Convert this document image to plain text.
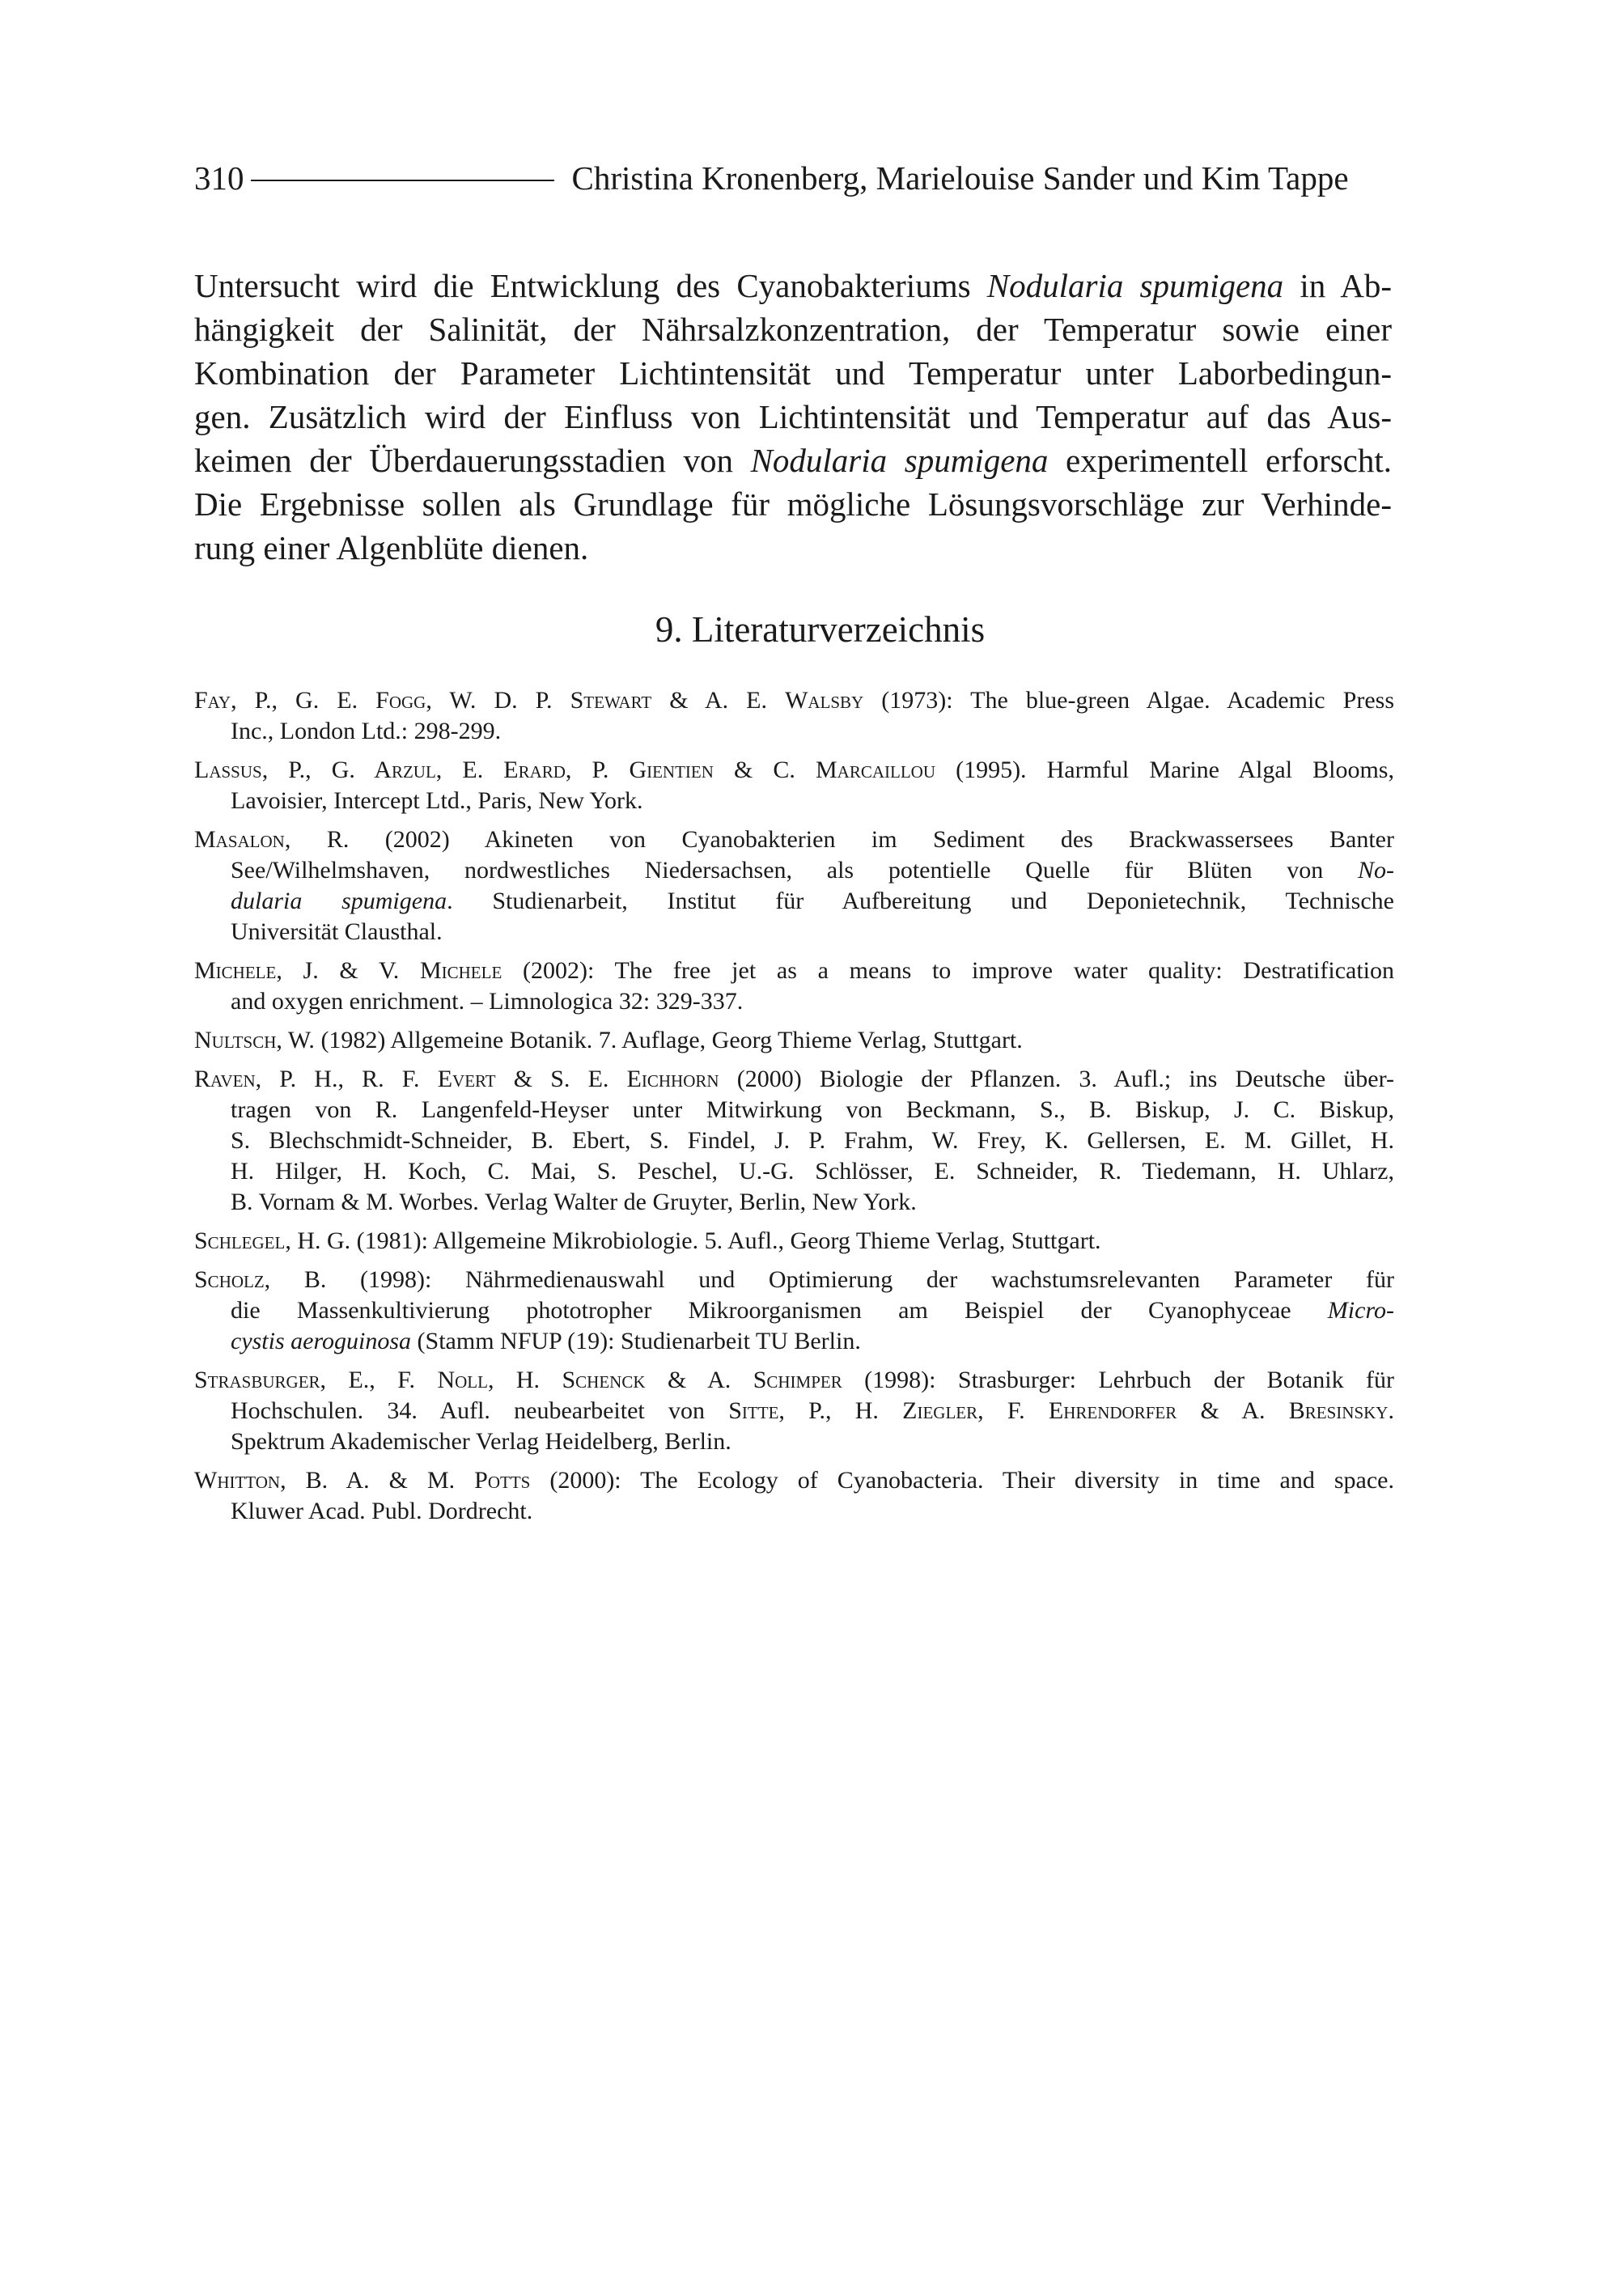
310	Christina Kronenberg, Marielouise Sander und Kim Tappe
Untersucht wird die Entwicklung des Cyanobakteriums Nodularia spumigena in Ab-
hängigkeit der Salinität, der Nährsalzkonzentration, der Temperatur sowie einer
Kombination der Parameter Lichtintensität und Temperatur unter Laborbedingun-
gen. Zusätzlich wird der Einfluss von Lichtintensität und Temperatur auf das Aus-
keimen der Überdauerungsstadien von Nodularia spumigena experimentell erforscht.
Die Ergebnisse sollen als Grundlage für mögliche Lösungsvorschläge zur Verhinde-
rung einer Algenblüte dienen.
9. Literaturverzeichnis
Fay, P., G. E. Fogg, W. D. P. Stewart & A. E. Walsby (1973): The blue-green Algae. Academic Press
Inc., London Ltd.: 298-299.
Lassus, P., G. Arzul, E. Erard, P. Gientien & C. Marcaillou (1995). Harmful Marine Algal Blooms,
Lavoisier, Intercept Ltd., Paris, New York.
Masalon, R. (2002) Akineten von Cyanobakterien im Sediment des Brackwassersees Banter
See/Wilhelmshaven, nordwestliches Niedersachsen, als potentielle Quelle für Blüten von No-
dularia spumigena. Studienarbeit, Institut für Aufbereitung und Deponietechnik, Technische
Universität Clausthal.
Michele, J. & V. Michele (2002): The free jet as a means to improve water quality: Destratification
and oxygen enrichment. – Limnologica 32: 329-337.
Nultsch, W. (1982) Allgemeine Botanik. 7. Auflage, Georg Thieme Verlag, Stuttgart.
Raven, P. H., R. F. Evert & S. E. Eichhorn (2000) Biologie der Pflanzen. 3. Aufl.; ins Deutsche über-
tragen von R. Langenfeld-Heyser unter Mitwirkung von Beckmann, S., B. Biskup, J. C. Biskup,
S. Blechschmidt-Schneider, B. Ebert, S. Findel, J. P. Frahm, W. Frey, K. Gellersen, E. M. Gillet, H.
H. Hilger, H. Koch, C. Mai, S. Peschel, U.-G. Schlösser, E. Schneider, R. Tiedemann, H. Uhlarz,
B. Vornam & M. Worbes. Verlag Walter de Gruyter, Berlin, New York.
Schlegel, H. G. (1981): Allgemeine Mikrobiologie. 5. Aufl., Georg Thieme Verlag, Stuttgart.
Scholz, B. (1998): Nährmedienauswahl und Optimierung der wachstumsrelevanten Parameter für
die Massenkultivierung phototropher Mikroorganismen am Beispiel der Cyanophyceae Micro-
cystis aeroguinosa (Stamm NFUP (19): Studienarbeit TU Berlin.
Strasburger, E., F. Noll, H. Schenck & A. Schimper (1998): Strasburger: Lehrbuch der Botanik für
Hochschulen. 34. Aufl. neubearbeitet von Sitte, P., H. Ziegler, F. Ehrendorfer & A. Bresinsky.
Spektrum Akademischer Verlag Heidelberg, Berlin.
Whitton, B. A. & M. Potts (2000): The Ecology of Cyanobacteria. Their diversity in time and space.
Kluwer Acad. Publ. Dordrecht.
